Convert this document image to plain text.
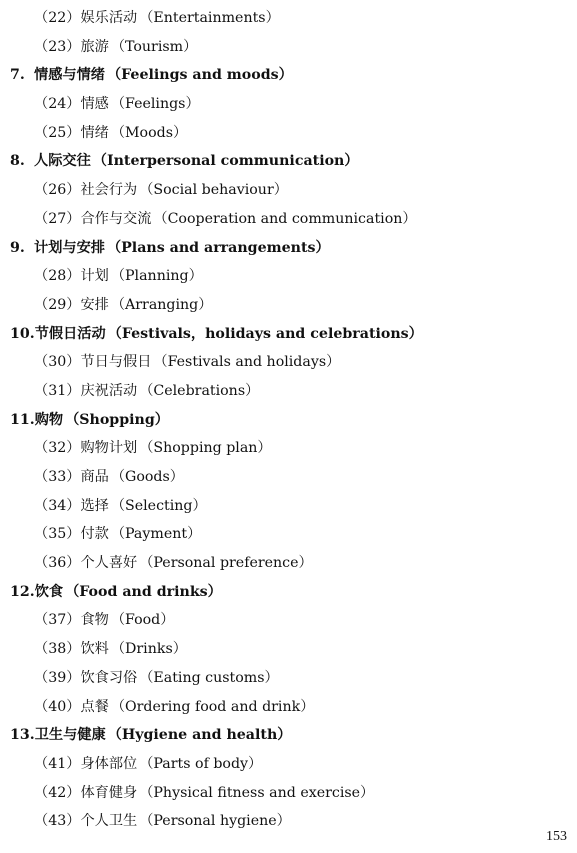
（22）娱乐活动 （Entertainments）
（23）旅游 （Tourism）
7. 情感与情绪 （Feelings and moods）
（24）情感 （Feelings）
（25）情绪 （Moods）
8. 人际交往 （Interpersonal communication）
（26）社会行为 （Social behaviour）
（27）合作与交流 （Cooperation and communication）
9. 计划与安排 （Plans and arrangements）
（28）计划 （Planning）
（29）安排 （Arranging）
10.节假日活动 （Festivals，holidays and celebrations）
（30）节日与假日 （Festivals and holidays）
（31）庆祝活动 （Celebrations）
11.购物 （Shopping）
（32）购物计划 （Shopping plan）
（33）商品 （Goods）
（34）选择 （Selecting）
（35）付款 （Payment）
（36）个人喜好 （Personal preference）
12.饮食 （Food and drinks）
（37）食物 （Food）
（38）饮料 （Drinks）
（39）饮食习俗 （Eating customs）
（40）点餐 （Ordering food and drink）
13.卫生与健康 （Hygiene and health）
（41）身体部位 （Parts of body）
（42）体育健身 （Physical fitness and exercise）
（43）个人卫生 （Personal hygiene）
153
